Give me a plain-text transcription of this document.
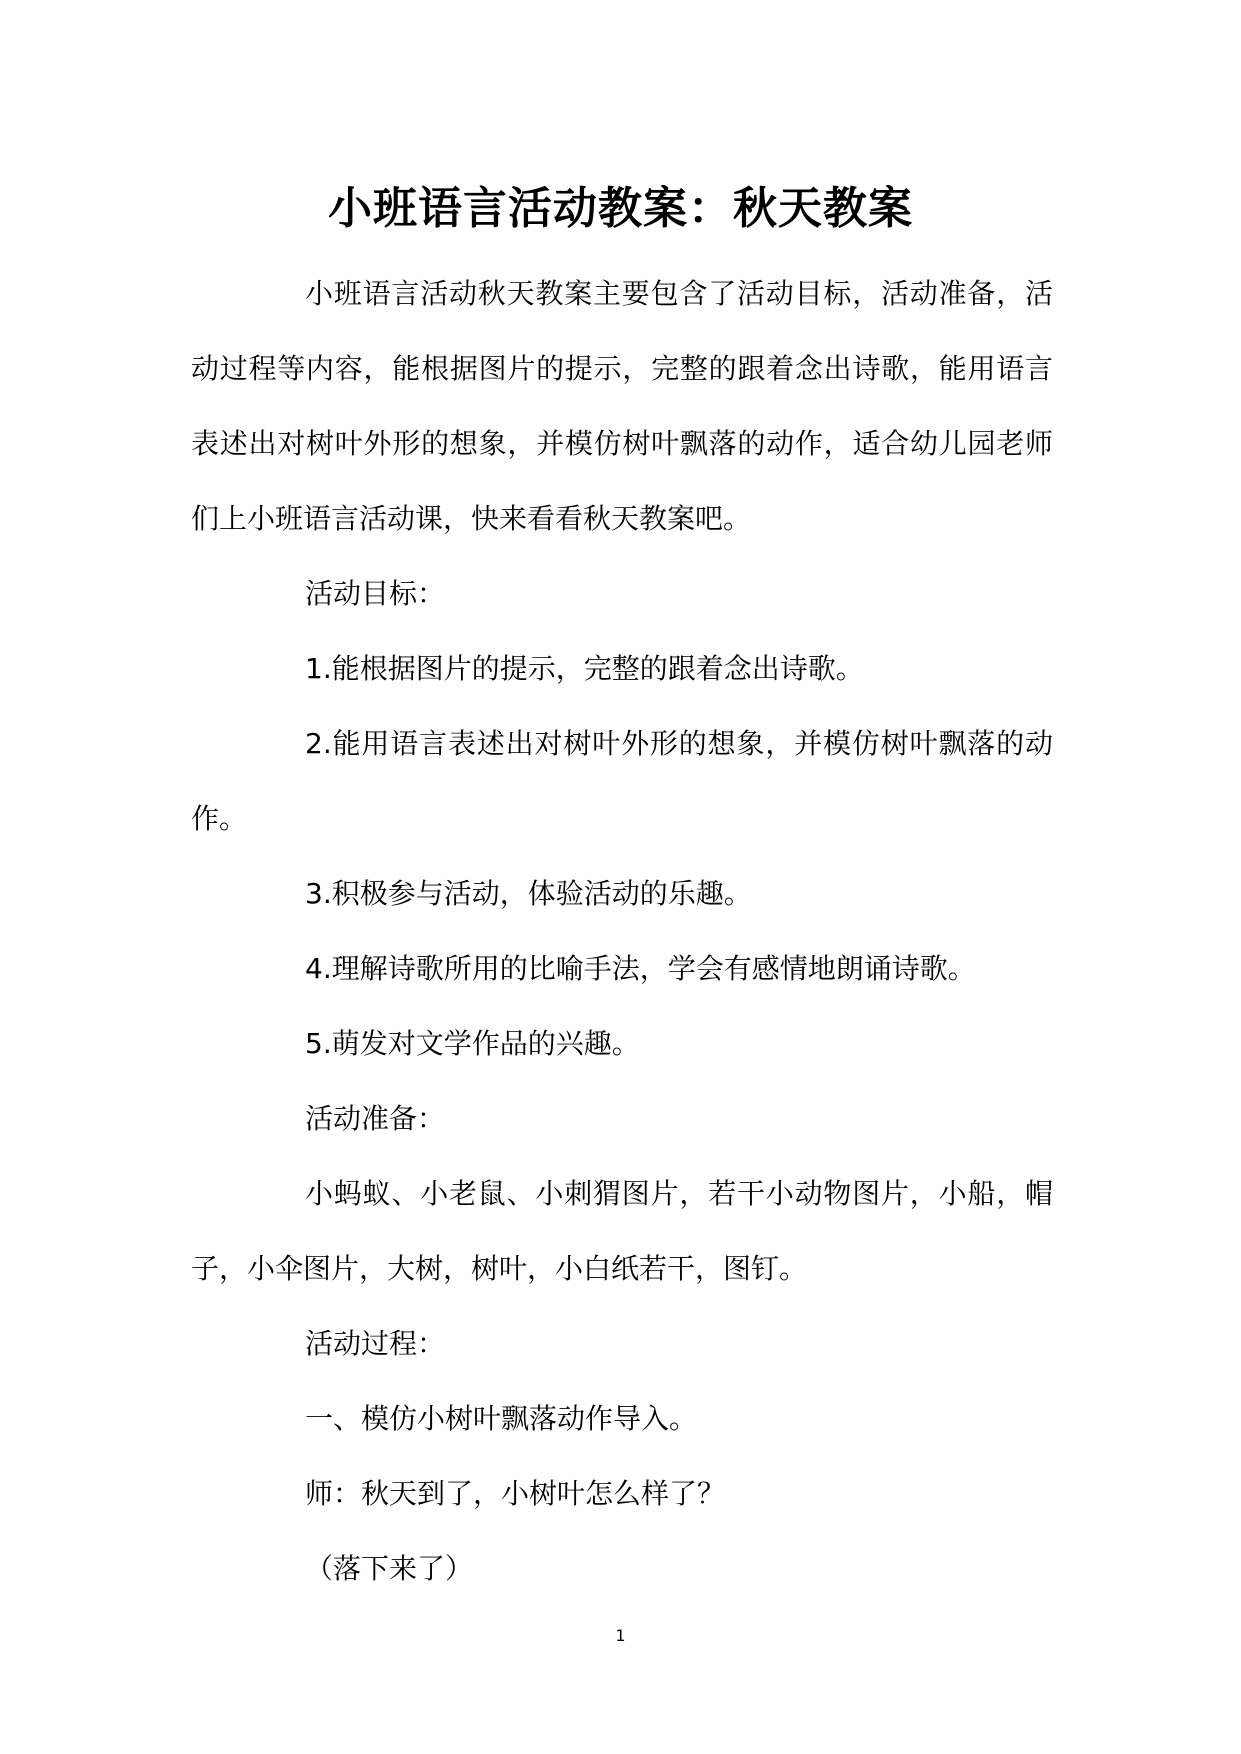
小班语言活动教案：秋天教案

小班语言活动秋天教案主要包含了活动目标，活动准备，活动过程等内容，能根据图片的提示，完整的跟着念出诗歌，能用语言表述出对树叶外形的想象，并模仿树叶飘落的动作，适合幼儿园老师们上小班语言活动课，快来看看秋天教案吧。

活动目标：

1.能根据图片的提示，完整的跟着念出诗歌。

2.能用语言表述出对树叶外形的想象，并模仿树叶飘落的动作。

3.积极参与活动，体验活动的乐趣。

4.理解诗歌所用的比喻手法，学会有感情地朗诵诗歌。

5.萌发对文学作品的兴趣。

活动准备：

小蚂蚁、小老鼠、小刺猬图片，若干小动物图片，小船，帽子，小伞图片，大树，树叶，小白纸若干，图钉。

活动过程：

一、模仿小树叶飘落动作导入。

师：秋天到了，小树叶怎么样了？

（落下来了）

1
